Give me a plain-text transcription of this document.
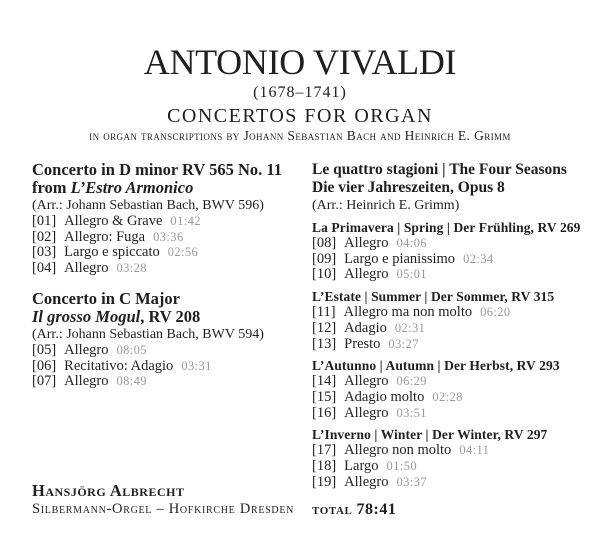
ANTONIO VIVALDI
(1678–1741)
CONCERTOS FOR ORGAN
in organ transcriptions by Johann Sebastian Bach and Heinrich E. Grimm
Concerto in D minor RV 565 No. 11
from L’Estro Armonico
(Arr.: Johann Sebastian Bach, BWV 596)
[01] Allegro & Grave 01:42
[02] Allegro: Fuga 03:36
[03] Largo e spiccato 02:56
[04] Allegro 03:28
Concerto in C Major
Il grosso Mogul, RV 208
(Arr.: Johann Sebastian Bach, BWV 594)
[05] Allegro 08:05
[06] Recitativo: Adagio 03:31
[07] Allegro 08:49
Le quattro stagioni | The Four Seasons
Die vier Jahreszeiten, Opus 8
(Arr.: Heinrich E. Grimm)
La Primavera | Spring | Der Frühling, RV 269
[08] Allegro 04:06
[09] Largo e pianissimo 02:34
[10] Allegro 05:01
L’Estate | Summer | Der Sommer, RV 315
[11] Allegro ma non molto 06:20
[12] Adagio 02:31
[13] Presto 03:27
L’Autunno | Autumn | Der Herbst, RV 293
[14] Allegro 06:29
[15] Adagio molto 02:28
[16] Allegro 03:51
L’Inverno | Winter | Der Winter, RV 297
[17] Allegro non molto 04:11
[18] Largo 01:50
[19] Allegro 03:37
total 78:41
Hansjörg Albrecht
Silbermann-Orgel – Hofkirche Dresden
